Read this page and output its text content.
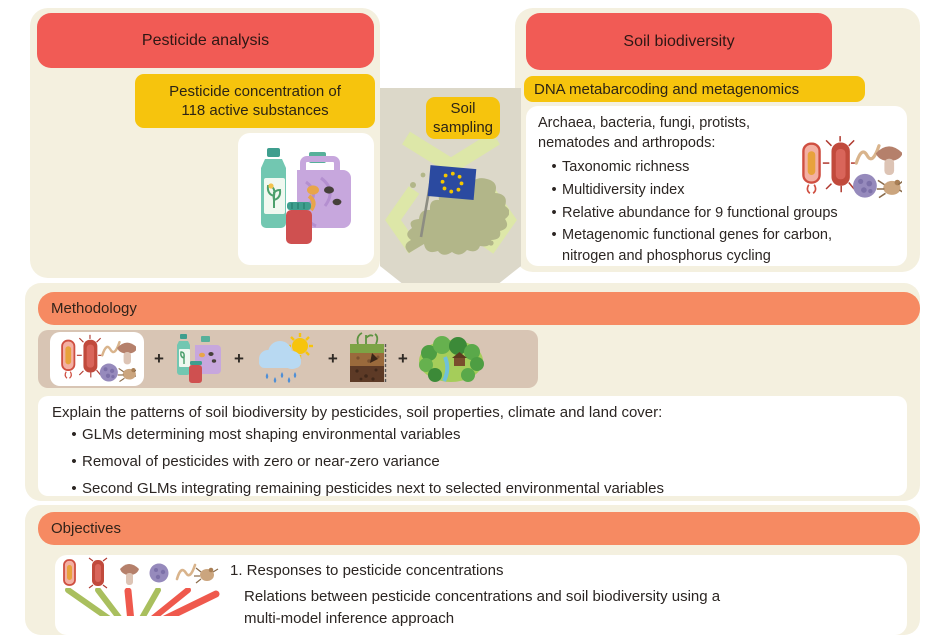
Soil
sampling
Pesticide analysis
Pesticide concentration of
118 active substances
Soil biodiversity
DNA metabarcoding and metagenomics
Archaea, bacteria, fungi, protists,
nematodes and arthropods:
• Taxonomic richness
• Multidiversity index
• Relative abundance for 9 functional groups
• Metagenomic functional genes for carbon, nitrogen and phosphorus cycling
Methodology
+	+	+	+
Explain the patterns of soil biodiversity by pesticides, soil properties, climate and land cover:
• GLMs determining most shaping environmental variables
• Removal of pesticides with zero or near-zero variance
• Second GLMs integrating remaining pesticides next to selected environmental variables
Objectives
1. Responses to pesticide concentrations
Relations between pesticide concentrations and soil biodiversity using a
multi-model inference approach
